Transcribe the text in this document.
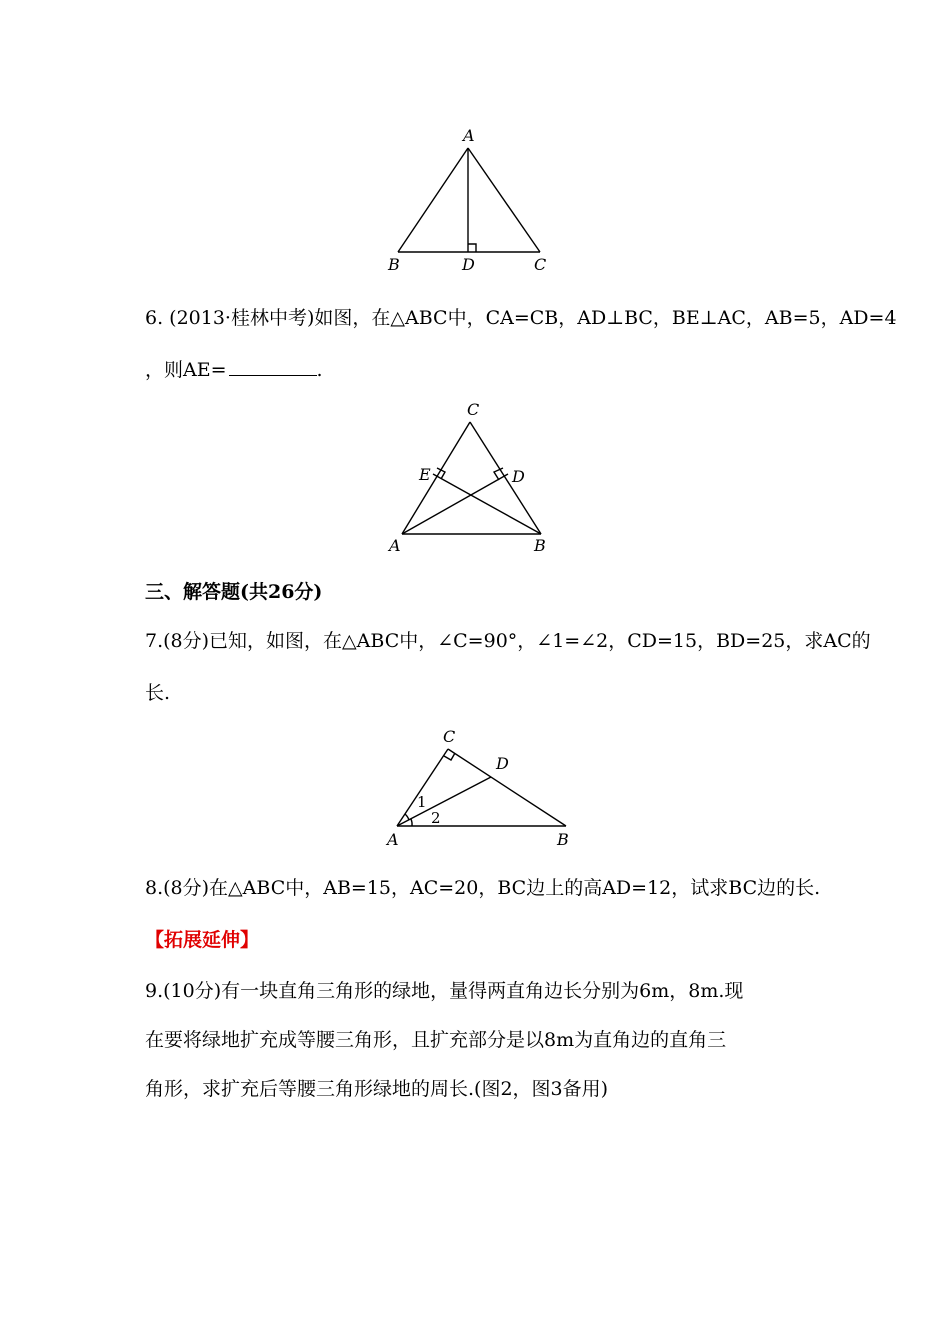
A
B	D	C
C
E	D
A	B
C
D
1
2
A	B
6. (2013·桂林中考)如图，在△ABC中，CA=CB，AD⊥BC，BE⊥AC，AB=5，AD=4
，则AE=	.
三、解答题(共26分)
7.(8分)已知，如图，在△ABC中，∠C=90°，∠1=∠2，CD=15，BD=25，求AC的
长.
8.(8分)在△ABC中，AB=15，AC=20，BC边上的高AD=12，试求BC边的长.
【拓展延伸】
9.(10分)有一块直角三角形的绿地，量得两直角边长分别为6m，8m.现
在要将绿地扩充成等腰三角形，且扩充部分是以8m为直角边的直角三
角形，求扩充后等腰三角形绿地的周长.(图2，图3备用)
